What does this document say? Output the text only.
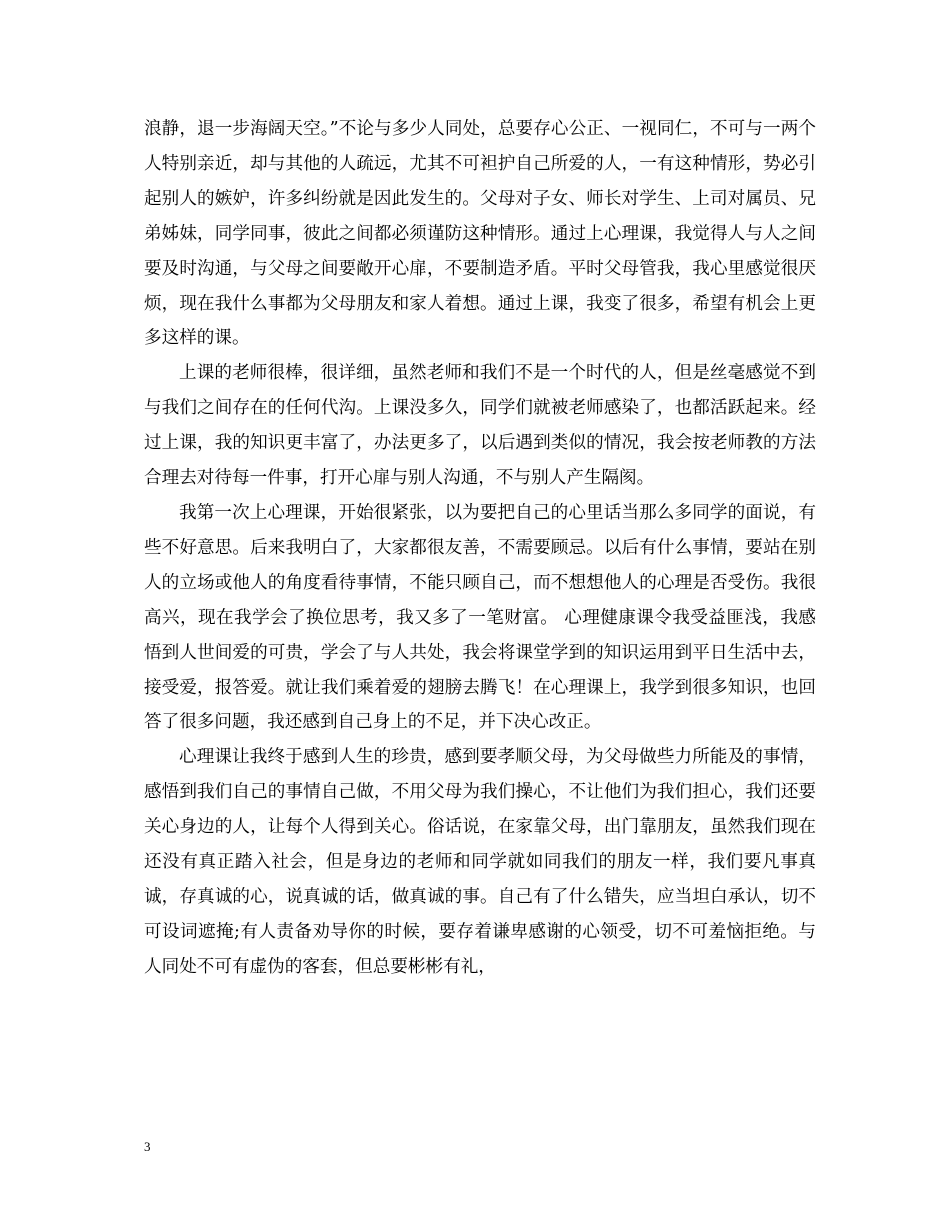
浪静，退一步海阔天空。”不论与多少人同处，总要存心公正、一视同仁，不可与一两个人特别亲近，却与其他的人疏远，尤其不可袒护自己所爱的人，一有这种情形，势必引起别人的嫉妒，许多纠纷就是因此发生的。父母对子女、师长对学生、上司对属员、兄弟姊妹，同学同事，彼此之间都必须谨防这种情形。通过上心理课，我觉得人与人之间要及时沟通，与父母之间要敞开心扉，不要制造矛盾。平时父母管我，我心里感觉很厌烦，现在我什么事都为父母朋友和家人着想。通过上课，我变了很多，希望有机会上更多这样的课。

上课的老师很棒，很详细，虽然老师和我们不是一个时代的人，但是丝毫感觉不到与我们之间存在的任何代沟。上课没多久，同学们就被老师感染了，也都活跃起来。经过上课，我的知识更丰富了，办法更多了，以后遇到类似的情况，我会按老师教的方法合理去对待每一件事，打开心扉与别人沟通，不与别人产生隔阂。

我第一次上心理课，开始很紧张，以为要把自己的心里话当那么多同学的面说，有些不好意思。后来我明白了，大家都很友善，不需要顾忌。以后有什么事情，要站在别人的立场或他人的角度看待事情，不能只顾自己，而不想想他人的心理是否受伤。我很高兴，现在我学会了换位思考，我又多了一笔财富。 心理健康课令我受益匪浅，我感悟到人世间爱的可贵，学会了与人共处，我会将课堂学到的知识运用到平日生活中去，接受爱，报答爱。就让我们乘着爱的翅膀去腾飞！在心理课上，我学到很多知识，也回答了很多问题，我还感到自己身上的不足，并下决心改正。

心理课让我终于感到人生的珍贵，感到要孝顺父母，为父母做些力所能及的事情，感悟到我们自己的事情自己做，不用父母为我们操心，不让他们为我们担心，我们还要关心身边的人，让每个人得到关心。俗话说，在家靠父母，出门靠朋友，虽然我们现在还没有真正踏入社会，但是身边的老师和同学就如同我们的朋友一样，我们要凡事真诚，存真诚的心，说真诚的话，做真诚的事。自己有了什么错失，应当坦白承认，切不可设词遮掩;有人责备劝导你的时候，要存着谦卑感谢的心领受，切不可羞恼拒绝。与人同处不可有虚伪的客套，但总要彬彬有礼，

3
